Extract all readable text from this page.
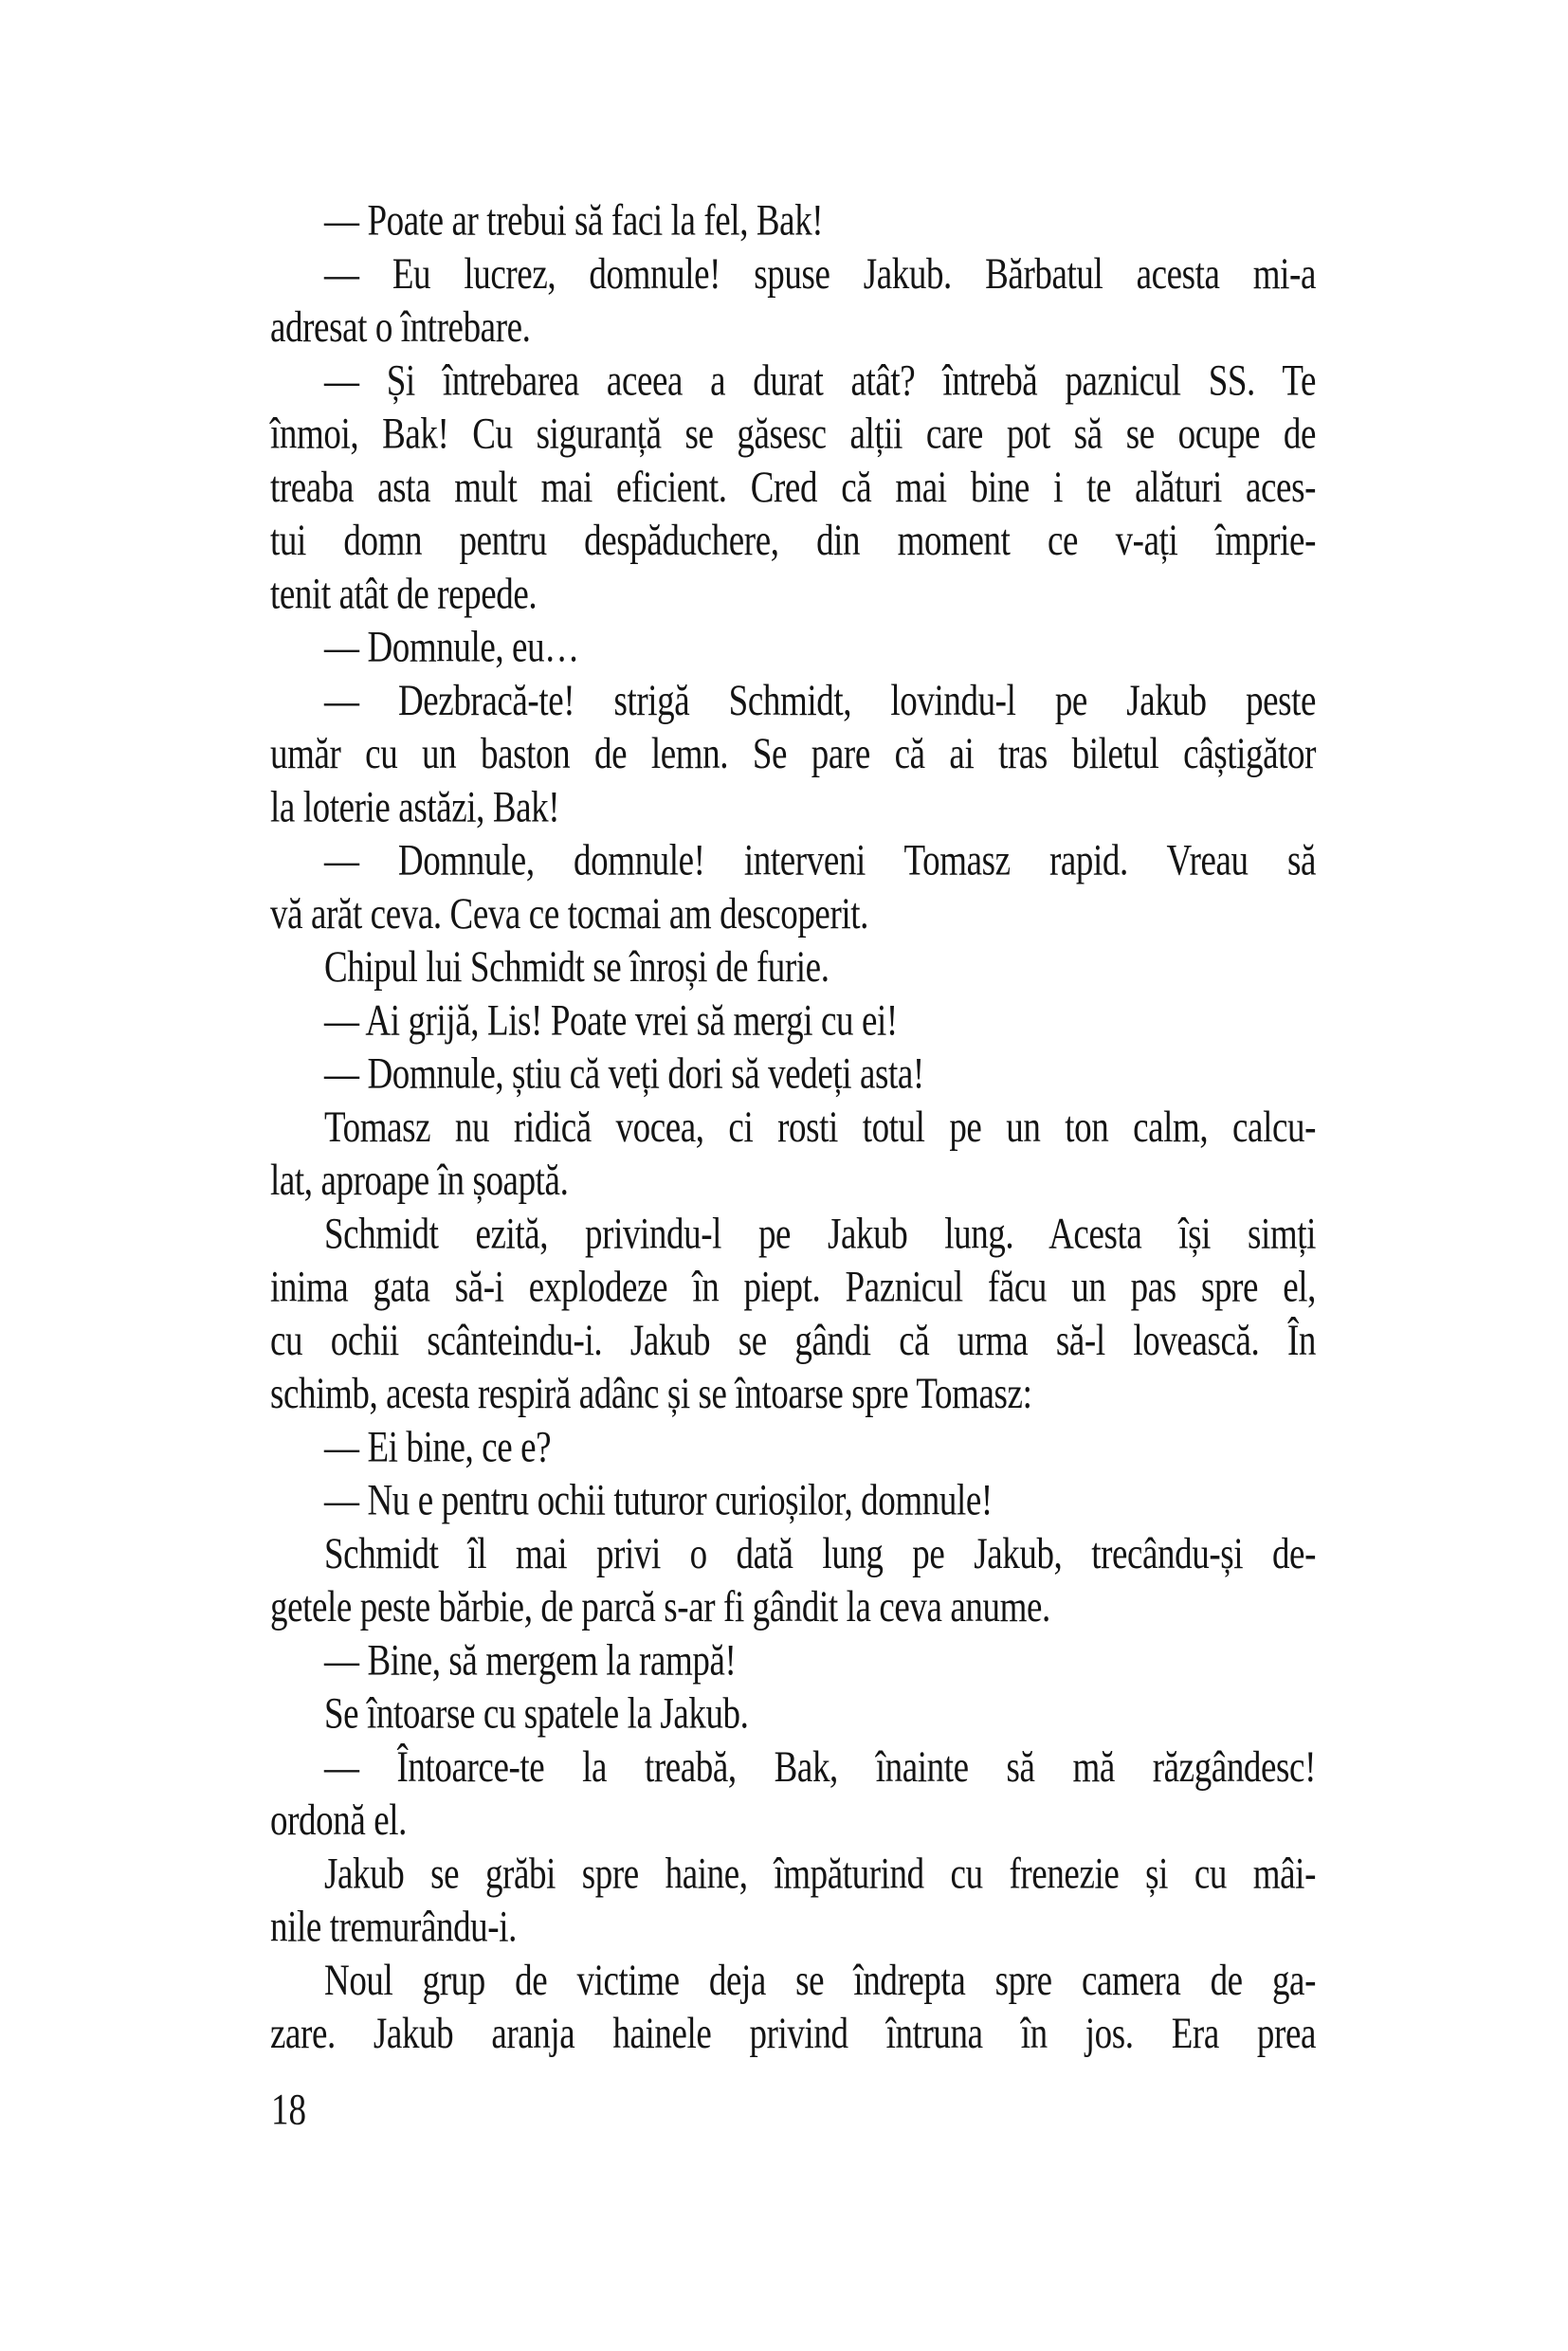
— Poate ar trebui să faci la fel, Bak!
— Eu lucrez, domnule! spuse Jakub. Bărbatul acesta mi-a
adresat o întrebare.
— Și întrebarea aceea a durat atât? întrebă paznicul SS. Te
înmoi, Bak! Cu siguranță se găsesc alții care pot să se ocupe de
treaba asta mult mai eficient. Cred că mai bine i te alături aces-
tui domn pentru despăduchere, din moment ce v-ați împrie-
tenit atât de repede.
— Domnule, eu…
— Dezbracă-te! strigă Schmidt, lovindu-l pe Jakub peste
umăr cu un baston de lemn. Se pare că ai tras biletul câștigător
la loterie astăzi, Bak!
— Domnule, domnule! interveni Tomasz rapid. Vreau să
vă arăt ceva. Ceva ce tocmai am descoperit.
Chipul lui Schmidt se înroși de furie.
— Ai grijă, Lis! Poate vrei să mergi cu ei!
— Domnule, știu că veți dori să vedeți asta!
Tomasz nu ridică vocea, ci rosti totul pe un ton calm, calcu-
lat, aproape în șoaptă.
Schmidt ezită, privindu-l pe Jakub lung. Acesta își simți
inima gata să-i explodeze în piept. Paznicul făcu un pas spre el,
cu ochii scânteindu-i. Jakub se gândi că urma să-l lovească. În
schimb, acesta respiră adânc și se întoarse spre Tomasz:
— Ei bine, ce e?
— Nu e pentru ochii tuturor curioșilor, domnule!
Schmidt îl mai privi o dată lung pe Jakub, trecându-și de-
getele peste bărbie, de parcă s-ar fi gândit la ceva anume.
— Bine, să mergem la rampă!
Se întoarse cu spatele la Jakub.
— Întoarce-te la treabă, Bak, înainte să mă răzgândesc!
ordonă el.
Jakub se grăbi spre haine, împăturind cu frenezie și cu mâi-
nile tremurându-i.
Noul grup de victime deja se îndrepta spre camera de ga-
zare. Jakub aranja hainele privind întruna în jos. Era prea
18
